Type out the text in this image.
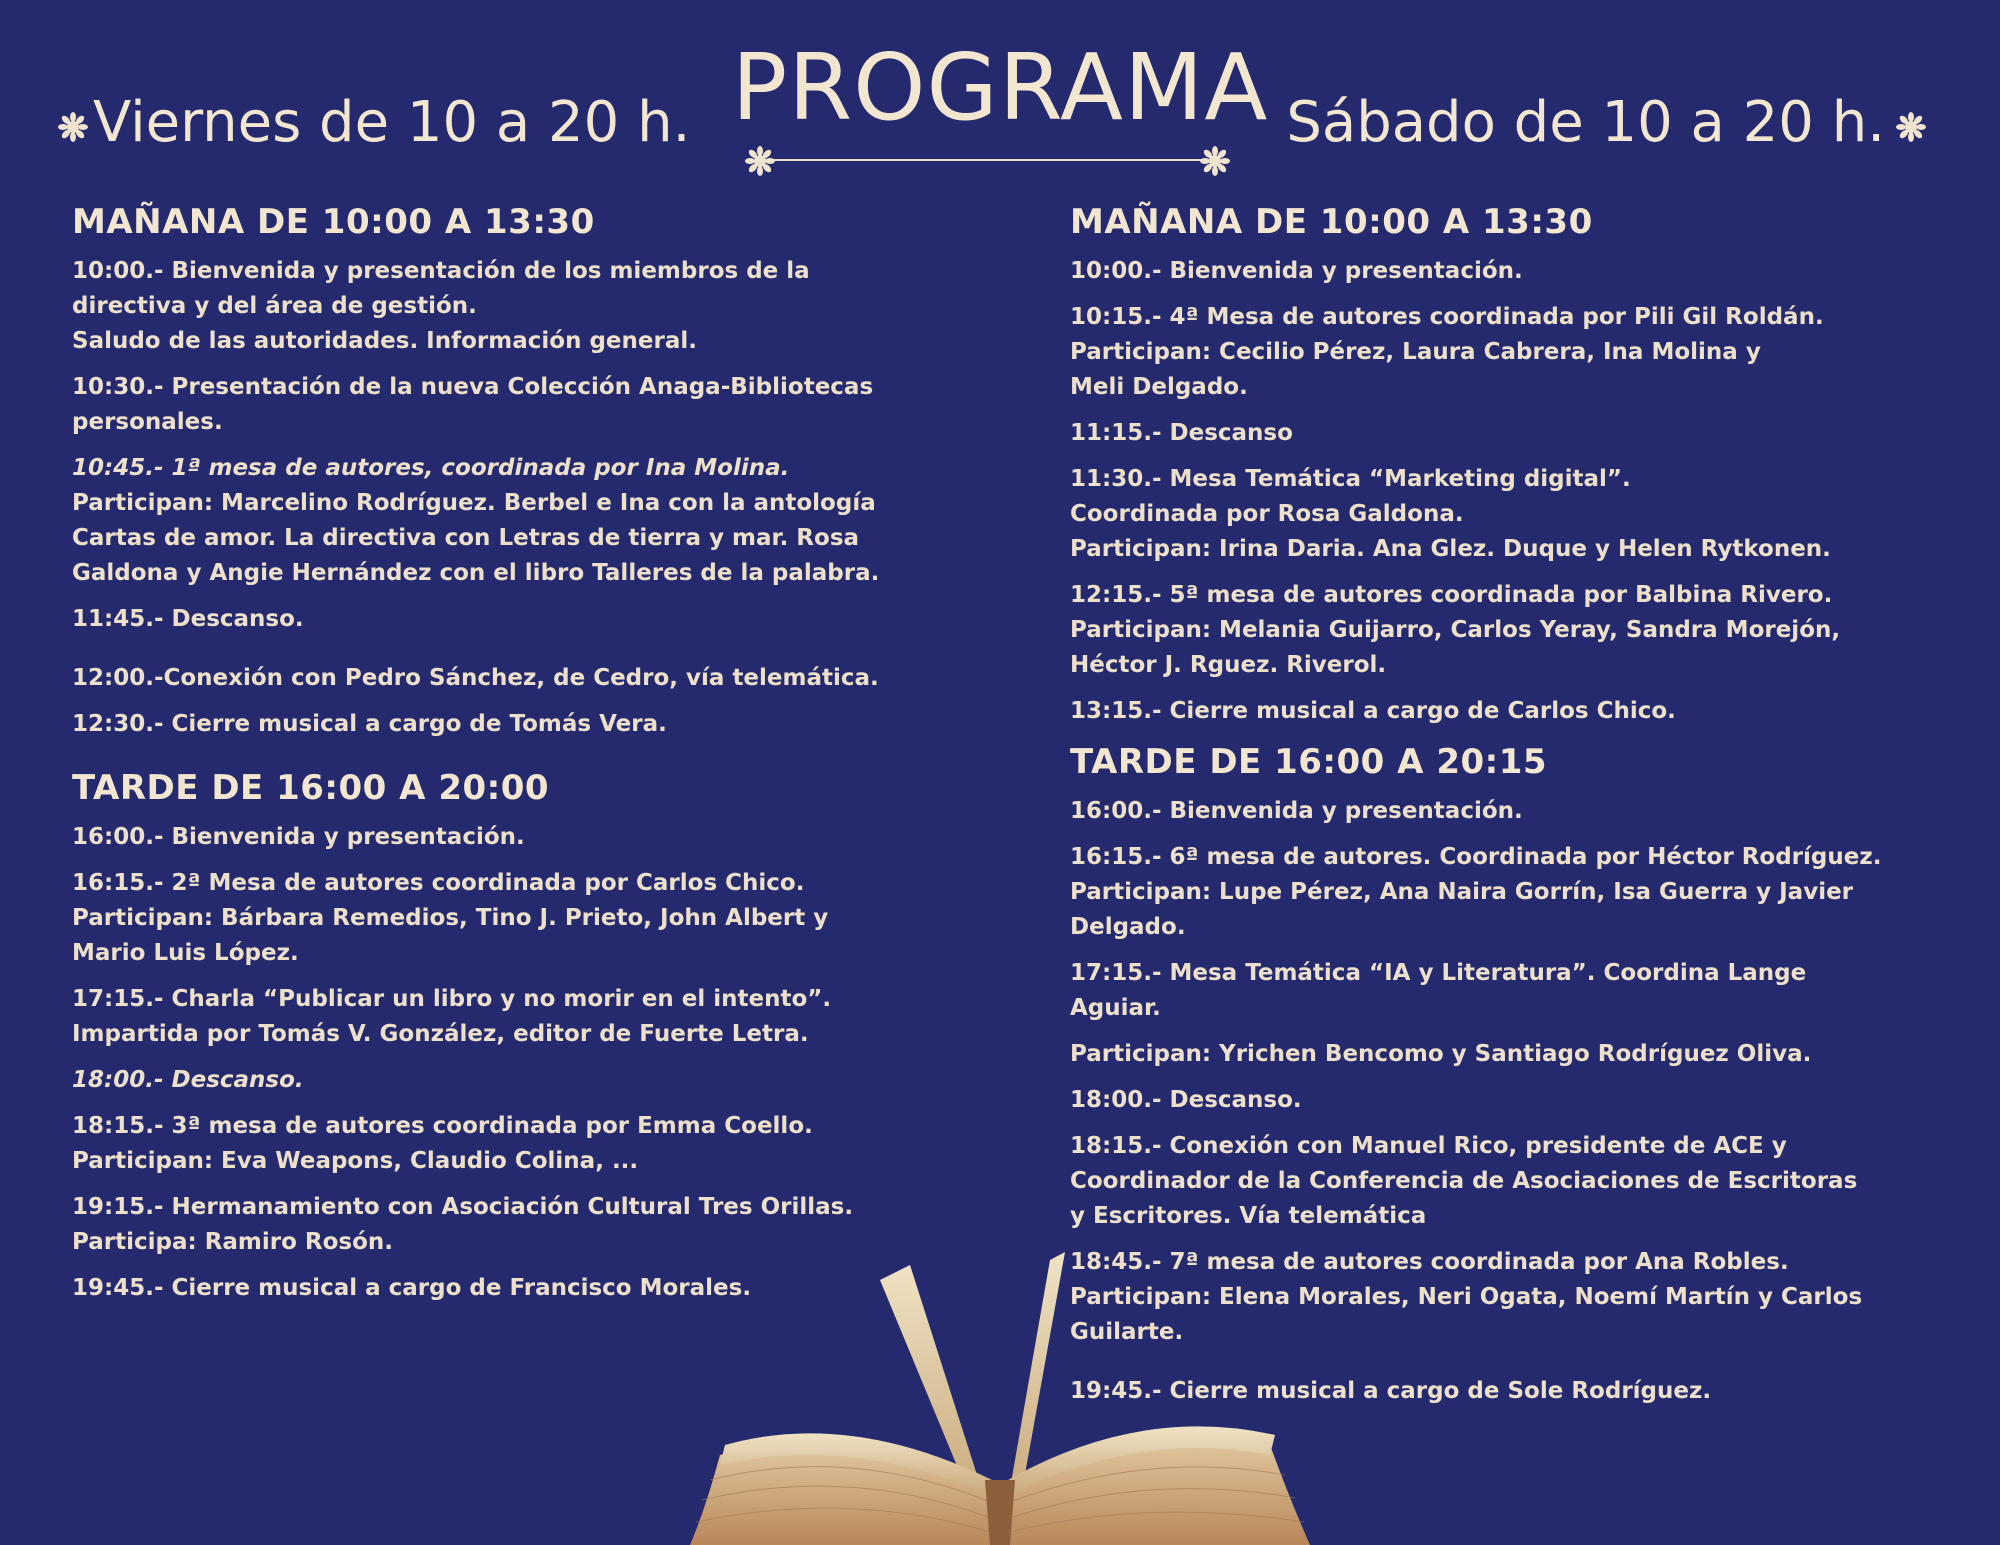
PROGRAMA
Viernes de 10 a 20 h.	Sábado de 10 a 20 h.
MAÑANA DE 10:00 A 13:30
10:00.- Bienvenida y presentación de los miembros de la
directiva y del área de gestión.
Saludo de las autoridades. Información general.
10:30.- Presentación de la nueva Colección Anaga-Bibliotecas
personales.
10:45.- 1ª mesa de autores, coordinada por Ina Molina.
Participan: Marcelino Rodríguez. Berbel e Ina con la antología
Cartas de amor. La directiva con Letras de tierra y mar. Rosa
Galdona y Angie Hernández con el libro Talleres de la palabra.
11:45.- Descanso.
12:00.-Conexión con Pedro Sánchez, de Cedro, vía telemática.
12:30.- Cierre musical a cargo de Tomás Vera.
TARDE DE 16:00 A 20:00
16:00.- Bienvenida y presentación.
16:15.- 2ª Mesa de autores coordinada por Carlos Chico.
Participan: Bárbara Remedios, Tino J. Prieto, John Albert y
Mario Luis López.
17:15.- Charla “Publicar un libro y no morir en el intento”.
Impartida por Tomás V. González, editor de Fuerte Letra.
18:00.- Descanso.
18:15.- 3ª mesa de autores coordinada por Emma Coello.
Participan: Eva Weapons, Claudio Colina, ...
19:15.- Hermanamiento con Asociación Cultural Tres Orillas.
Participa: Ramiro Rosón.
19:45.- Cierre musical a cargo de Francisco Morales.
MAÑANA DE 10:00 A 13:30
10:00.- Bienvenida y presentación.
10:15.- 4ª Mesa de autores coordinada por Pili Gil Roldán.
Participan: Cecilio Pérez, Laura Cabrera, Ina Molina y
Meli Delgado.
11:15.- Descanso
11:30.- Mesa Temática “Marketing digital”.
Coordinada por Rosa Galdona.
Participan: Irina Daria. Ana Glez. Duque y Helen Rytkonen.
12:15.- 5ª mesa de autores coordinada por Balbina Rivero.
Participan: Melania Guijarro, Carlos Yeray, Sandra Morejón,
Héctor J. Rguez. Riverol.
13:15.- Cierre musical a cargo de Carlos Chico.
TARDE DE 16:00 A 20:15
16:00.- Bienvenida y presentación.
16:15.- 6ª mesa de autores. Coordinada por Héctor Rodríguez.
Participan: Lupe Pérez, Ana Naira Gorrín, Isa Guerra y Javier
Delgado.
17:15.- Mesa Temática “IA y Literatura”. Coordina Lange
Aguiar.
Participan: Yrichen Bencomo y Santiago Rodríguez Oliva.
18:00.- Descanso.
18:15.- Conexión con Manuel Rico, presidente de ACE y
Coordinador de la Conferencia de Asociaciones de Escritoras
y Escritores. Vía telemática
18:45.- 7ª mesa de autores coordinada por Ana Robles.
Participan: Elena Morales, Neri Ogata, Noemí Martín y Carlos
Guilarte.
19:45.- Cierre musical a cargo de Sole Rodríguez.
